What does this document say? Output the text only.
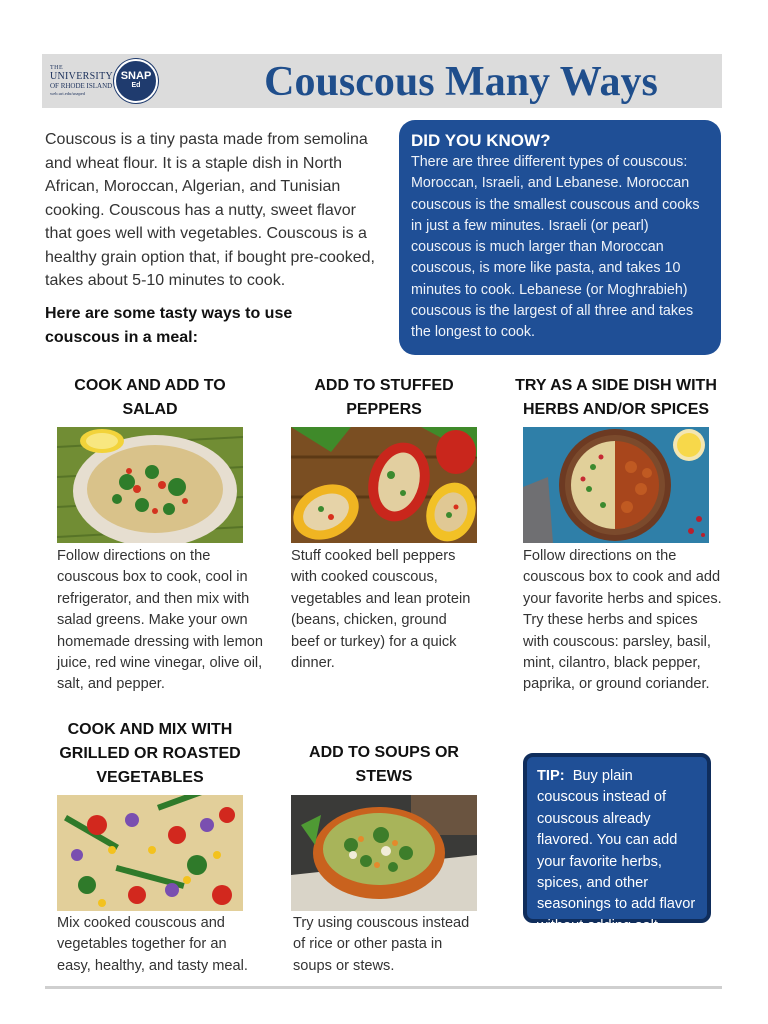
THE
UNIVERSITY
OF RHODE ISLAND
web.uri.edu/snaped
SNAP
Ed	Couscous Many Ways
Couscous is a tiny pasta made from semolina and wheat flour. It is a staple dish in North African, Moroccan, Algerian, and Tunisian cooking. Couscous has a nutty, sweet flavor that goes well with vegetables. Couscous is a healthy grain option that, if bought pre-cooked, takes about 5-10 minutes to cook.
Here are some tasty ways to use couscous in a meal:
DID YOU KNOW?
There are three different types of couscous: Moroccan, Israeli, and Lebanese. Moroccan couscous is the smallest couscous and cooks in just a few minutes. Israeli (or pearl) couscous is much larger than Moroccan couscous, is more like pasta, and takes 10 minutes to cook. Lebanese (or Moghrabieh) couscous is the largest of all three and takes the longest to cook.
COOK AND ADD TO SALAD
Follow directions on the couscous box to cook, cool in refrigerator, and then mix with salad greens. Make your own homemade dressing with lemon juice, red wine vinegar, olive oil, salt, and pepper.
ADD TO STUFFED PEPPERS
Stuff cooked bell peppers with cooked couscous, vegetables and lean protein (beans, chicken, ground beef or turkey) for a quick dinner.
TRY AS A SIDE DISH WITH HERBS AND/OR SPICES
Follow directions on the couscous box to cook and add your favorite herbs and spices. Try these herbs and spices with couscous: parsley, basil, mint, cilantro, black pepper, paprika, or ground coriander.
COOK AND MIX WITH GRILLED OR ROASTED VEGETABLES
Mix cooked couscous and vegetables together for an easy, healthy, and tasty meal.
ADD TO SOUPS OR STEWS
Try using couscous instead of rice or other pasta in soups or stews.
TIP: Buy plain couscous instead of couscous already flavored. You can add your favorite herbs, spices, and other seasonings to add flavor without adding salt.
